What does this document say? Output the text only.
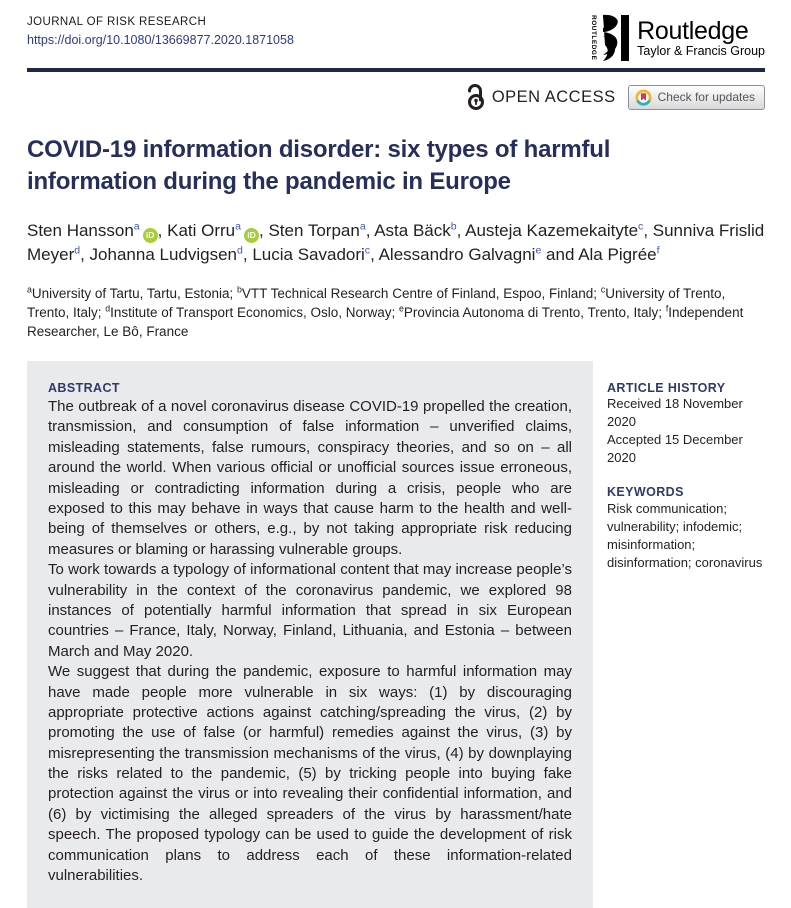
JOURNAL OF RISK RESEARCH
https://doi.org/10.1080/13669877.2020.1871058	ROUTLEDGE Routledge
Taylor & Francis Group
OPEN ACCESS	Check for updates
COVID-19 information disorder: six types of harmful information during the pandemic in Europe
Sten Hansson$^a$iD , Kati Orru$^a$iD , Sten Torpan$^a$, Asta Bäck$^b$, Austeja Kazemekaityte$^c$, Sunniva Frislid Meyer$^d$, Johanna Ludvigsen$^d$, Lucia Savadori$^c$, Alessandro Galvagni$^e$ and Ala Pigrée$^f$

$^a$University of Tartu, Tartu, Estonia; $^b$VTT Technical Research Centre of Finland, Espoo, Finland; $^c$University of Trento, Trento, Italy; $^d$Institute of Transport Economics, Oslo, Norway; $^e$Provincia Autonoma di Trento, Trento, Italy; $^f$Independent Researcher, Le Bô, France

ABSTRACT

The outbreak of a novel coronavirus disease COVID-19 propelled the creation, transmission, and consumption of false information – unverified claims, misleading statements, false rumours, conspiracy theories, and so on – all around the world. When various official or unofficial sources issue erroneous, misleading or contradicting information during a crisis, people who are exposed to this may behave in ways that cause harm to the health and well-being of themselves or others, e.g., by not taking appropriate risk reducing measures or blaming or harassing vulnerable groups.

To work towards a typology of informational content that may increase people’s vulnerability in the context of the coronavirus pandemic, we explored 98 instances of potentially harmful information that spread in six European countries – France, Italy, Norway, Finland, Lithuania, and Estonia – between March and May 2020.

We suggest that during the pandemic, exposure to harmful information may have made people more vulnerable in six ways: (1) by discouraging appropriate protective actions against catching/spreading the virus, (2) by promoting the use of false (or harmful) remedies against the virus, (3) by misrepresenting the transmission mechanisms of the virus, (4) by downplaying the risks related to the pandemic, (5) by tricking people into buying fake protection against the virus or into revealing their confidential information, and (6) by victimising the alleged spreaders of the virus by harassment/hate speech. The proposed typology can be used to guide the development of risk communication plans to address each of these information-related vulnerabilities.

ARTICLE HISTORY
Received 18 November 2020
Accepted 15 December 2020
KEYWORDS
Risk communication; vulnerability; infodemic; misinformation; disinformation; coronavirus
